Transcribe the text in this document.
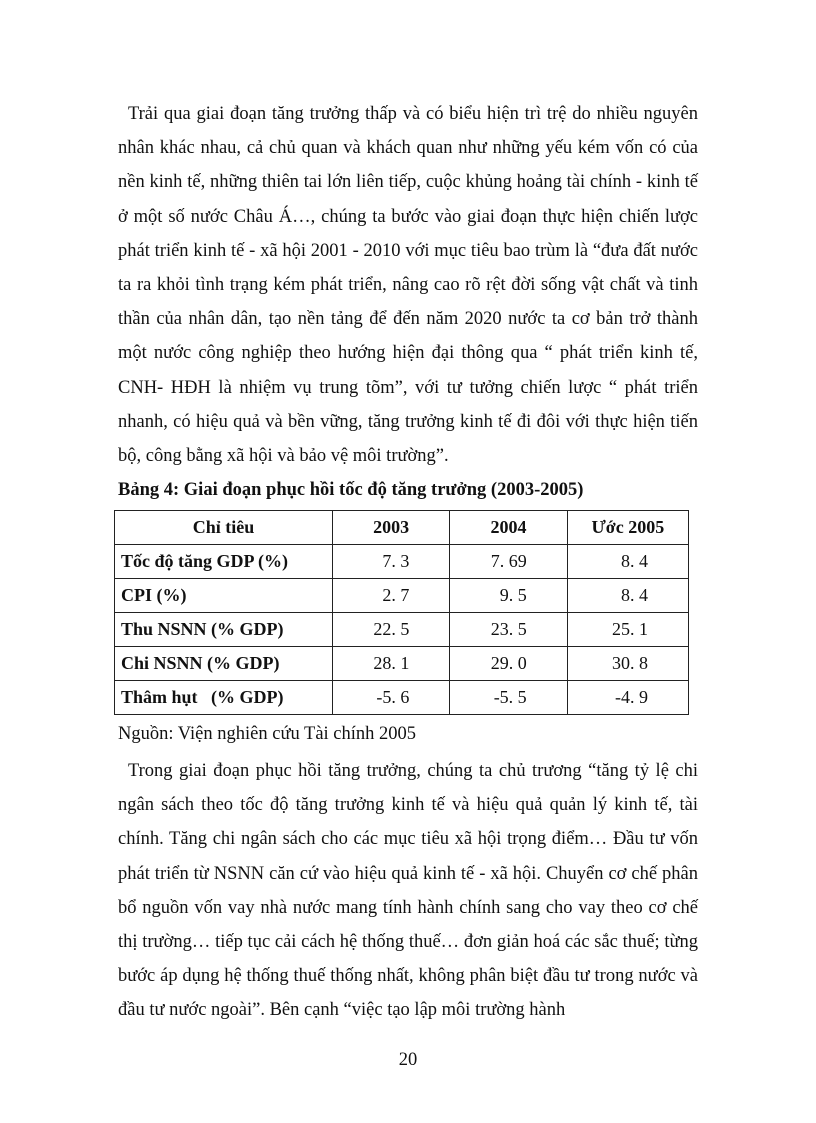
Trải qua giai đoạn tăng trưởng thấp và có biểu hiện trì trệ do nhiều nguyên nhân khác nhau, cả chủ quan và khách quan như những yếu kém vốn có của nền kinh tế, những thiên tai lớn liên tiếp, cuộc khủng hoảng tài chính - kinh tế ở một số nước Châu Á…, chúng ta bước vào giai đoạn thực hiện chiến lược phát triển kinh tế - xã hội 2001 - 2010 với mục tiêu bao trùm là “đưa đất nước ta ra khỏi tình trạng kém phát triển, nâng cao rõ rệt đời sống vật chất và tinh thần của nhân dân, tạo nền tảng để đến năm 2020 nước ta cơ bản trở thành một nước công nghiệp theo hướng hiện đại thông qua “ phát triển kinh tế, CNH- HĐH là nhiệm vụ trung tõm”, với tư tưởng chiến lược “ phát triển nhanh, có hiệu quả và bền vững, tăng trưởng kinh tế đi đôi với thực hiện tiến bộ, công bằng xã hội và bảo vệ môi trường”.

Bảng 4: Giai đoạn phục hồi tốc độ tăng trưởng (2003-2005)

Chỉ tiêu	2003	2004	Ước 2005
Tốc độ tăng GDP (%)	7. 3	7. 69	8. 4
CPI (%)	2. 7	9. 5	8. 4
Thu NSNN (% GDP)	22. 5	23. 5	25. 1
Chi NSNN (% GDP)	28. 1	29. 0	30. 8
Thâm hụt   (% GDP)	-5. 6	-5. 5	-4. 9

Nguồn: Viện nghiên cứu Tài chính 2005

Trong giai đoạn phục hồi tăng trưởng, chúng ta chủ trương “tăng tỷ lệ chi ngân sách theo tốc độ tăng trưởng kinh tế và hiệu quả quản lý kinh tế, tài chính. Tăng chi ngân sách cho các mục tiêu xã hội trọng điểm… Đầu tư vốn phát triển từ NSNN căn cứ vào hiệu quả kinh tế - xã hội. Chuyển cơ chế phân bổ nguồn vốn vay nhà nước mang tính hành chính sang cho vay theo cơ chế thị trường… tiếp tục cải cách hệ thống thuế… đơn giản hoá các sắc thuế; từng bước áp dụng hệ thống thuế thống nhất, không phân biệt đầu tư trong nước và đầu tư nước ngoài”. Bên cạnh “việc tạo lập môi trường hành

20
